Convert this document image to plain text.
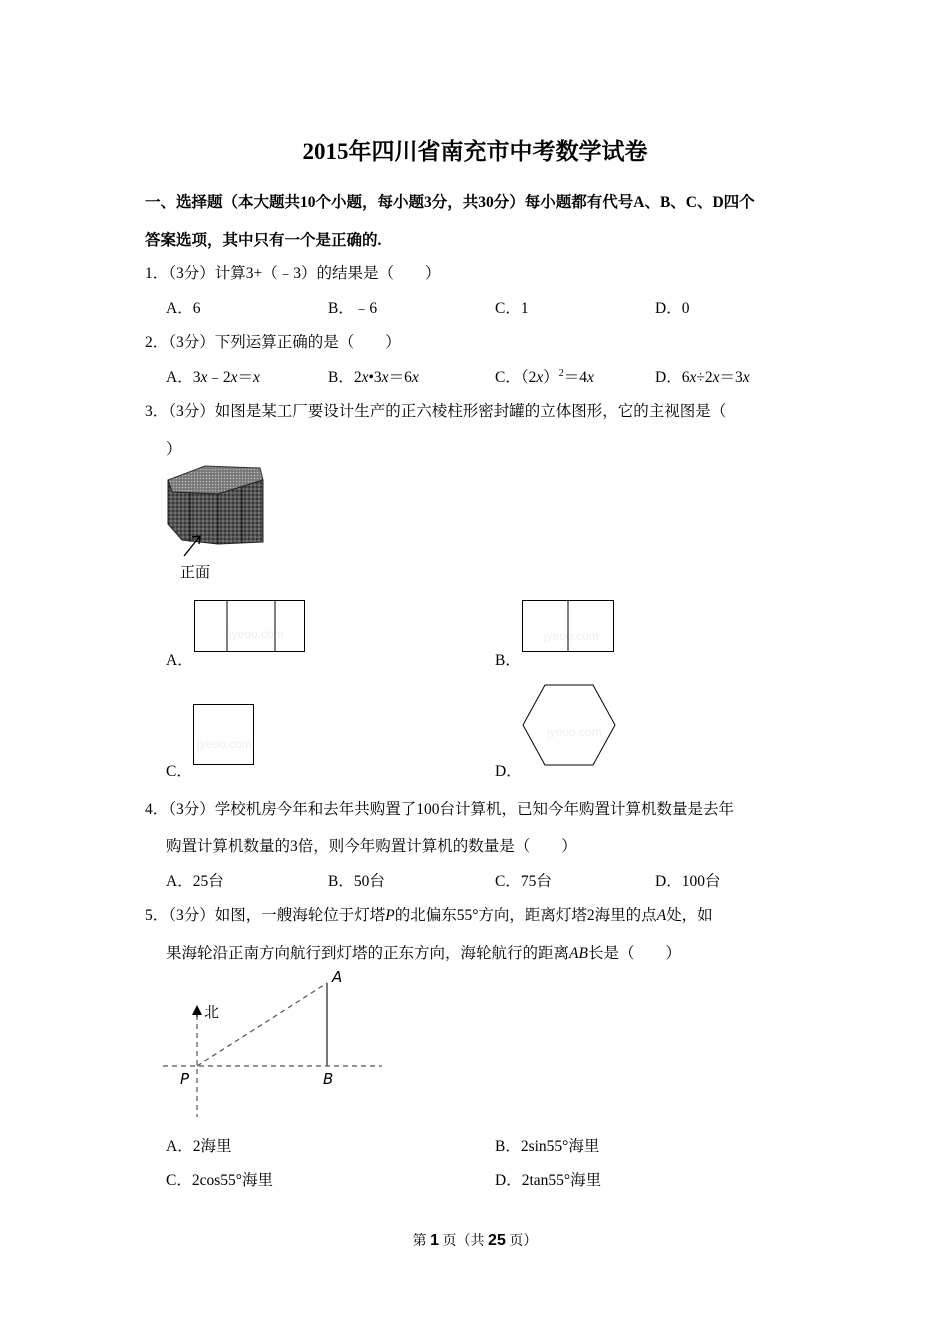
2015年四川省南充市中考数学试卷
一、选择题（本大题共10个小题，每小题3分，共30分）每小题都有代号A、B、C、D四个
答案选项，其中只有一个是正确的.
1．（3分）计算3+（﹣3）的结果是（　　）
A．6	B．﹣6	C．1	D．0
2．（3分）下列运算正确的是（　　）
A．3x﹣2x＝x	B．2x•3x＝6x	C．$(2x)^2=4x$	D．6x÷2x＝3x
3．（3分）如图是某工厂要设计生产的正六棱柱形密封罐的立体图形，它的主视图是（
）
正面
A．
jyeoo.com
B．
jyeoo.com
C．
jyeoo.com
D．
jyeoo.com
4．（3分）学校机房今年和去年共购置了100台计算机，已知今年购置计算机数量是去年
购置计算机数量的3倍，则今年购置计算机的数量是（　　）
A．25台	B．50台	C．75台	D．100台
5．（3分）如图，一艘海轮位于灯塔P的北偏东55°方向，距离灯塔2海里的点A处，如
果海轮沿正南方向航行到灯塔的正东方向，海轮航行的距离AB长是（　　）
北
A
P	B
A．2海里	B．2sin55°海里
C．2cos55°海里	D．2tan55°海里
第 1 页（共 25 页）
